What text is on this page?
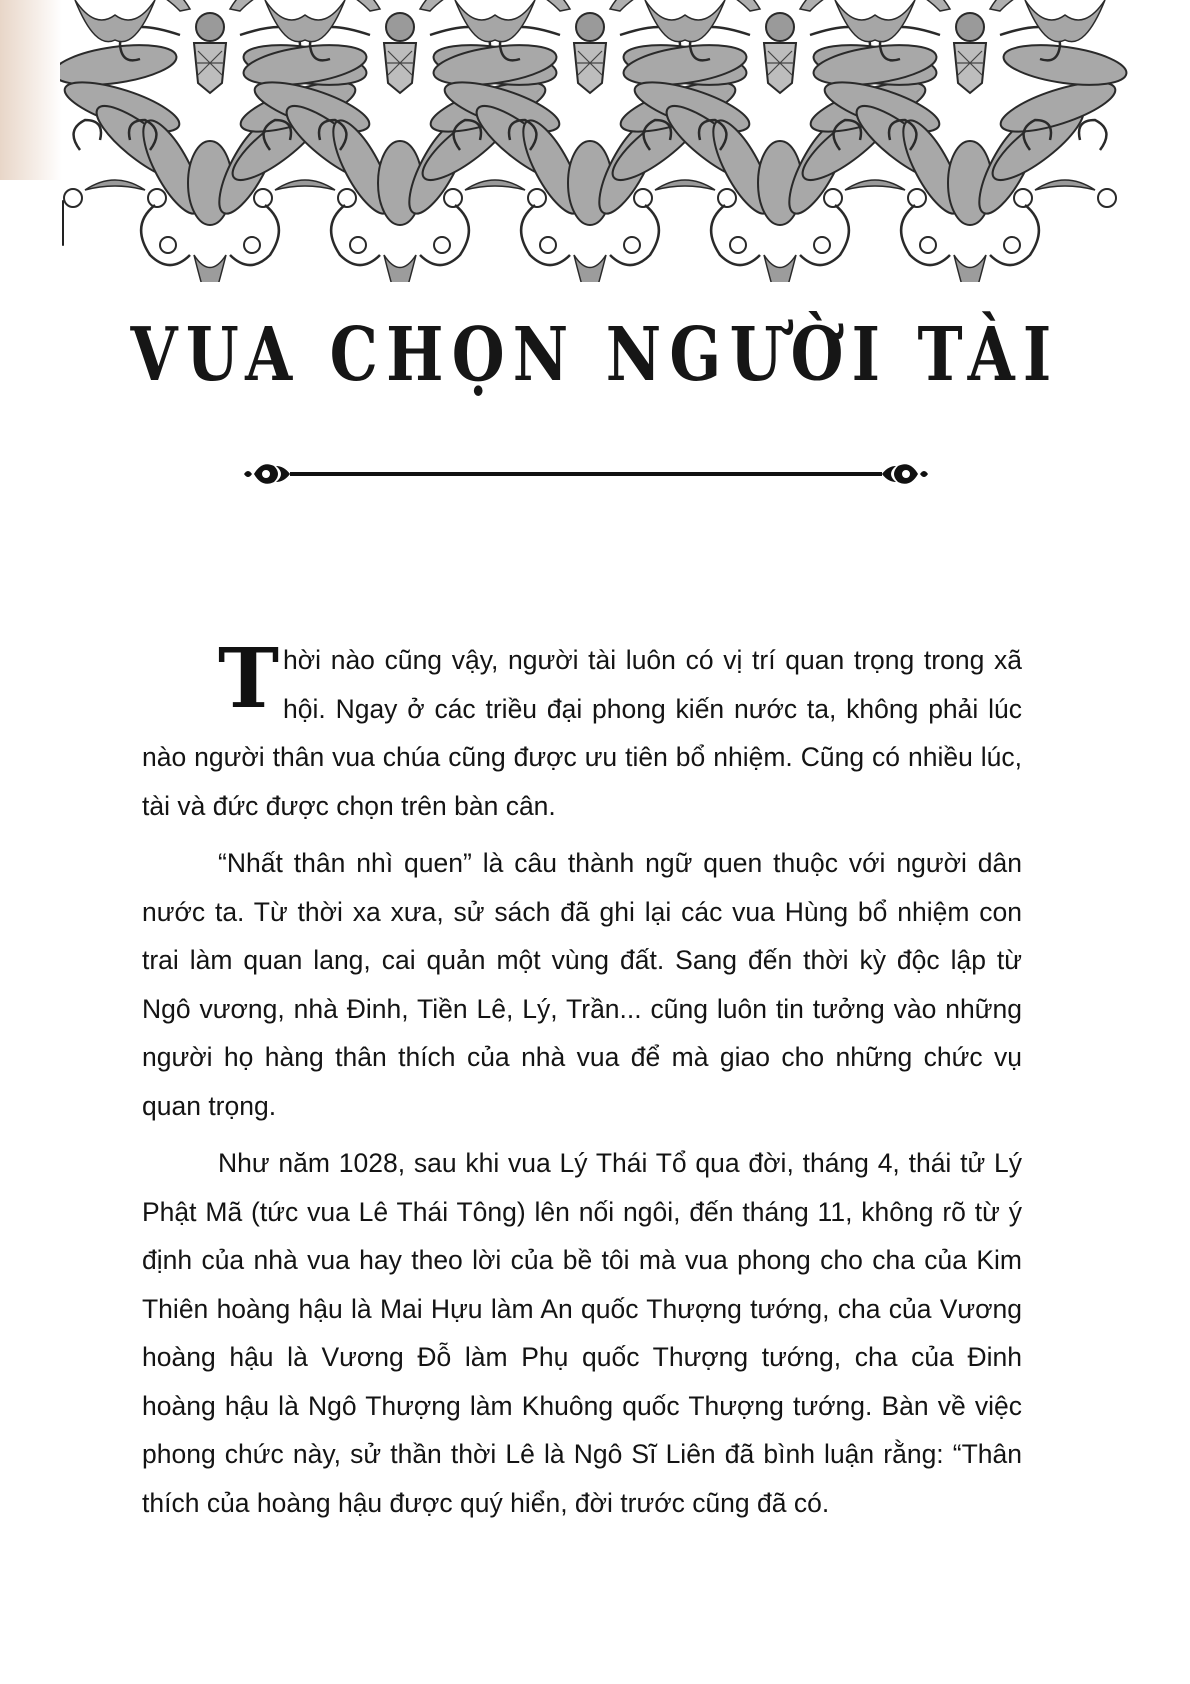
VUA CHỌN NGƯỜI TÀI

Thời nào cũng vậy, người tài luôn có vị trí quan trọng trong xã hội. Ngay ở các triều đại phong kiến nước ta, không phải lúc nào người thân vua chúa cũng được ưu tiên bổ nhiệm. Cũng có nhiều lúc, tài và đức được chọn trên bàn cân.

“Nhất thân nhì quen” là câu thành ngữ quen thuộc với người dân nước ta. Từ thời xa xưa, sử sách đã ghi lại các vua Hùng bổ nhiệm con trai làm quan lang, cai quản một vùng đất. Sang đến thời kỳ độc lập từ Ngô vương, nhà Đinh, Tiền Lê, Lý, Trần... cũng luôn tin tưởng vào những người họ hàng thân thích của nhà vua để mà giao cho những chức vụ quan trọng.

Như năm 1028, sau khi vua Lý Thái Tổ qua đời, tháng 4, thái tử Lý Phật Mã (tức vua Lê Thái Tông) lên nối ngôi, đến tháng 11, không rõ từ ý định của nhà vua hay theo lời của bề tôi mà vua phong cho cha của Kim Thiên hoàng hậu là Mai Hựu làm An quốc Thượng tướng, cha của Vương hoàng hậu là Vương Đỗ làm Phụ quốc Thượng tướng, cha của Đinh hoàng hậu là Ngô Thượng làm Khuông quốc Thượng tướng. Bàn về việc phong chức này, sử thần thời Lê là Ngô Sĩ Liên đã bình luận rằng: “Thân thích của hoàng hậu được quý hiển, đời trước cũng đã có.
